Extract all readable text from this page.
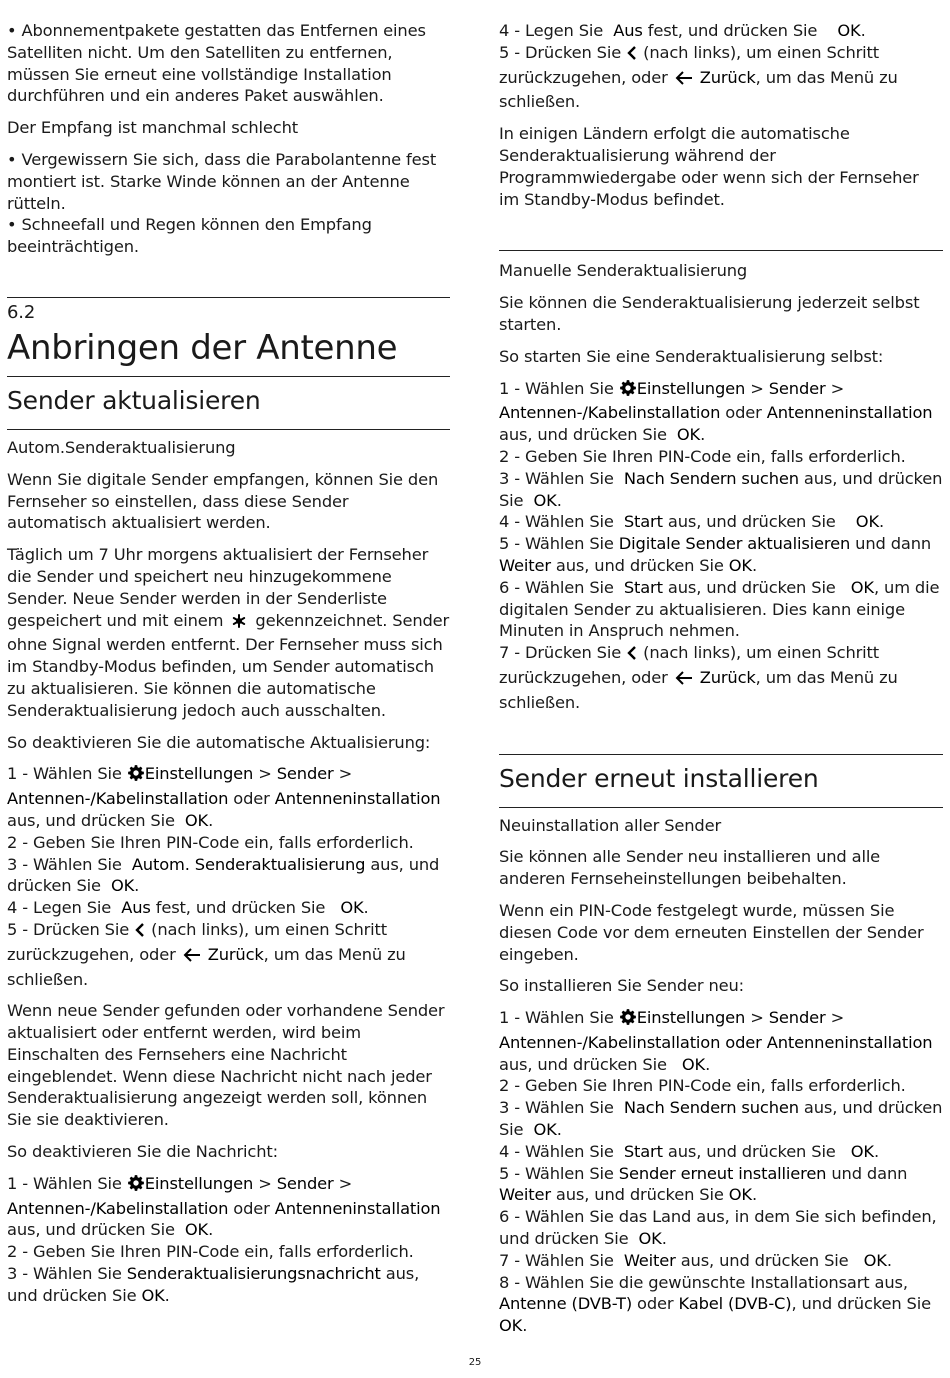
• Abonnementpakete gestatten das Entfernen eines Satelliten nicht. Um den Satelliten zu entfernen, müssen Sie erneut eine vollständige Installation durchführen und ein anderes Paket auswählen.

Der Empfang ist manchmal schlecht

• Vergewissern Sie sich, dass die Parabolantenne fest montiert ist. Starke Winde können an der Antenne rütteln.

• Schneefall und Regen können den Empfang beeinträchtigen.

6.2
Anbringen der Antenne
Sender aktualisieren

Autom.Senderaktualisierung

Wenn Sie digitale Sender empfangen, können Sie den Fernseher so einstellen, dass diese Sender automatisch aktualisiert werden.

Täglich um 7 Uhr morgens aktualisiert der Fernseher die Sender und speichert neu hinzugekommene Sender. Neue Sender werden in der Senderliste gespeichert und mit einem gekennzeichnet. Sender ohne Signal werden entfernt. Der Fernseher muss sich im Standby-Modus befinden, um Sender automatisch zu aktualisieren. Sie können die automatische Senderaktualisierung jedoch auch ausschalten.

So deaktivieren Sie die automatische Aktualisierung:

1 - Wählen Sie Einstellungen > Sender > Antennen-/Kabelinstallation oder Antenneninstallation aus, und drücken Sie OK.
2 - Geben Sie Ihren PIN-Code ein, falls erforderlich.
3 - Wählen Sie Autom. Senderaktualisierung aus, und drücken Sie OK.
4 - Legen Sie Aus fest, und drücken Sie OK.
5 - Drücken Sie  (nach links), um einen Schritt zurückzugehen, oder Zurück, um das Menü zu schließen.

Wenn neue Sender gefunden oder vorhandene Sender aktualisiert oder entfernt werden, wird beim Einschalten des Fernsehers eine Nachricht eingeblendet. Wenn diese Nachricht nicht nach jeder Senderaktualisierung angezeigt werden soll, können Sie sie deaktivieren.

So deaktivieren Sie die Nachricht:

1 - Wählen Sie Einstellungen > Sender > Antennen-/Kabelinstallation oder Antenneninstallation aus, und drücken Sie OK.
2 - Geben Sie Ihren PIN-Code ein, falls erforderlich.
3 - Wählen Sie Senderaktualisierungsnachricht aus, und drücken Sie OK.
4 - Legen Sie Aus fest, und drücken Sie OK.
5 - Drücken Sie  (nach links), um einen Schritt zurückzugehen, oder Zurück, um das Menü zu schließen.

In einigen Ländern erfolgt die automatische Senderaktualisierung während der Programmwiedergabe oder wenn sich der Fernseher im Standby-Modus befindet.

Manuelle Senderaktualisierung

Sie können die Senderaktualisierung jederzeit selbst starten.

So starten Sie eine Senderaktualisierung selbst:

1 - Wählen Sie Einstellungen > Sender > Antennen-/Kabelinstallation oder Antenneninstallation aus, und drücken Sie OK.
2 - Geben Sie Ihren PIN-Code ein, falls erforderlich.
3 - Wählen Sie Nach Sendern suchen aus, und drücken Sie OK.
4 - Wählen Sie Start aus, und drücken Sie OK.
5 - Wählen Sie Digitale Sender aktualisieren und dann Weiter aus, und drücken Sie OK.
6 - Wählen Sie Start aus, und drücken Sie OK, um die digitalen Sender zu aktualisieren. Dies kann einige Minuten in Anspruch nehmen.
7 - Drücken Sie  (nach links), um einen Schritt zurückzugehen, oder Zurück, um das Menü zu schließen.
Sender erneut installieren

Neuinstallation aller Sender

Sie können alle Sender neu installieren und alle anderen Fernseheinstellungen beibehalten.

Wenn ein PIN-Code festgelegt wurde, müssen Sie diesen Code vor dem erneuten Einstellen der Sender eingeben.

So installieren Sie Sender neu:

1 - Wählen Sie Einstellungen > Sender > Antennen-/Kabelinstallation oder Antenneninstallation aus, und drücken Sie OK.
2 - Geben Sie Ihren PIN-Code ein, falls erforderlich.
3 - Wählen Sie Nach Sendern suchen aus, und drücken Sie OK.
4 - Wählen Sie Start aus, und drücken Sie OK.
5 - Wählen Sie Sender erneut installieren und dann Weiter aus, und drücken Sie OK.
6 - Wählen Sie das Land aus, in dem Sie sich befinden, und drücken Sie OK.
7 - Wählen Sie Weiter aus, und drücken Sie OK.
8 - Wählen Sie die gewünschte Installationsart aus, Antenne (DVB-T) oder Kabel (DVB-C), und drücken Sie OK.
25
